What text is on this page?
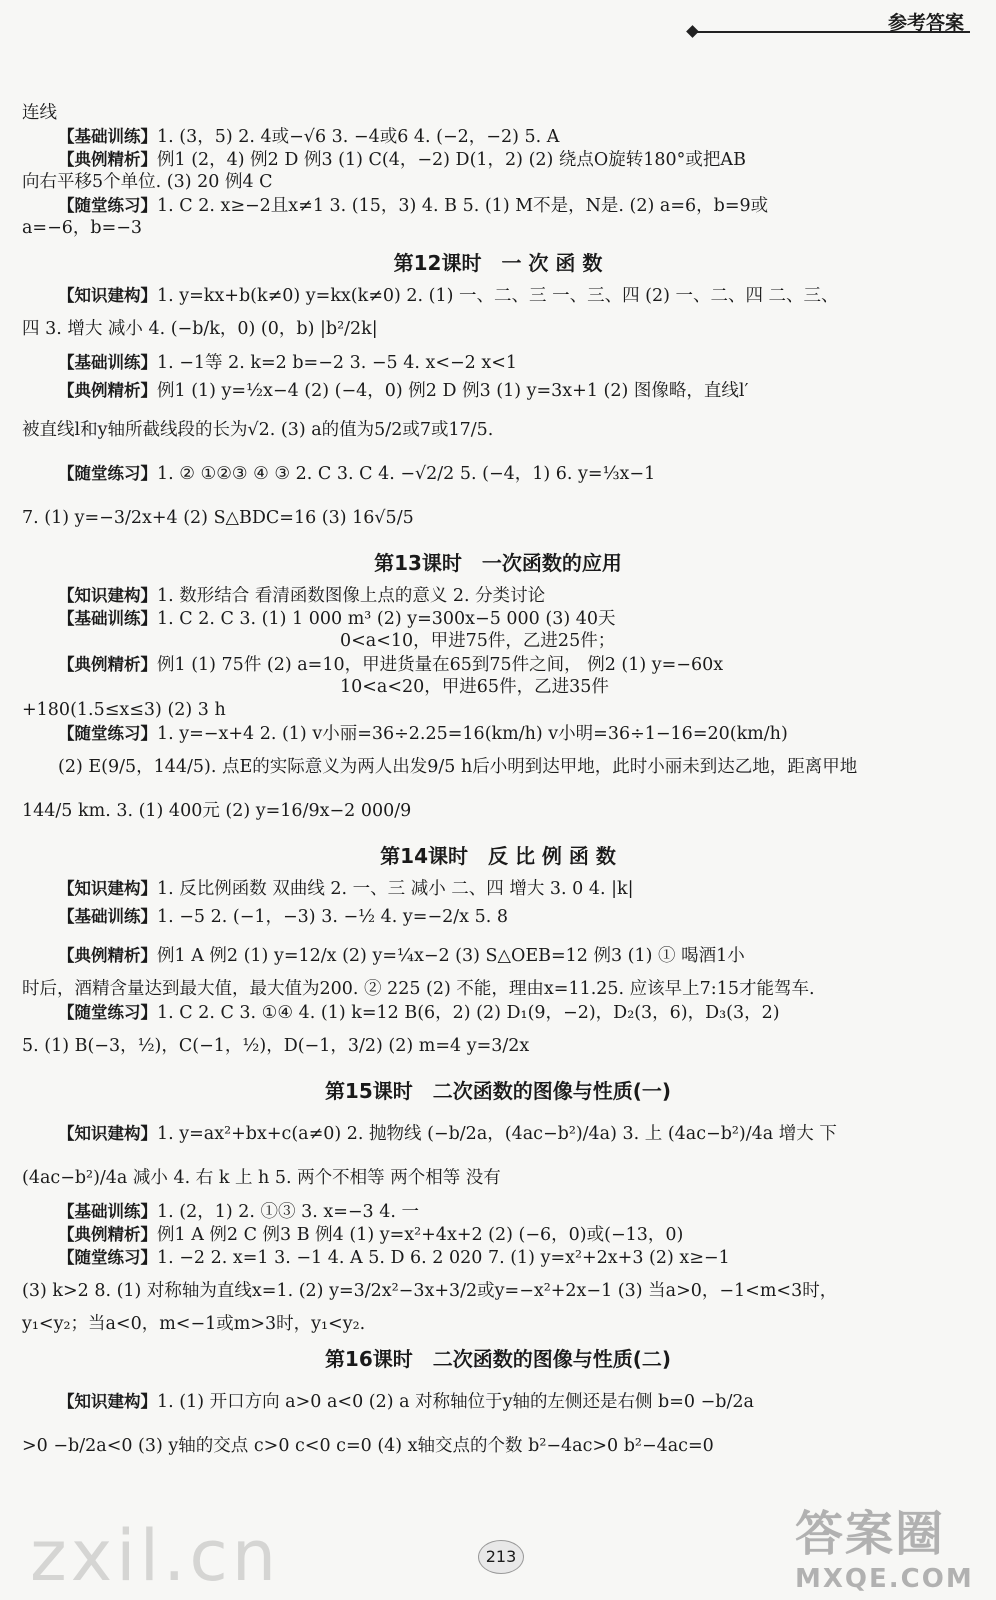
参考答案
连线
【基础训练】1. (3，5) 2. 4或−√6 3. −4或6 4. (−2，−2) 5. A
【典例精析】例1 (2，4) 例2 D 例3 (1) C(4，−2) D(1，2) (2) 绕点O旋转180°或把AB
向右平移5个单位. (3) 20 例4 C
【随堂练习】1. C 2. x≥−2且x≠1 3. (15，3) 4. B 5. (1) M不是，N是. (2) a=6，b=9或
a=−6，b=−3
第12课时　一 次 函 数
【知识建构】1. y=kx+b(k≠0) y=kx(k≠0) 2. (1) 一、二、三 一、三、四 (2) 一、二、四 二、三、
四 3. 增大 减小 4. (−b/k，0) (0，b) |b²/2k|
【基础训练】1. −1等 2. k=2 b=−2 3. −5 4. x<−2 x<1
【典例精析】例1 (1) y=½x−4 (2) (−4，0) 例2 D 例3 (1) y=3x+1 (2) 图像略，直线l′
被直线l和y轴所截线段的长为√2. (3) a的值为5/2或7或17/5.
【随堂练习】1. ② ①②③ ④ ③ 2. C 3. C 4. −√2/2 5. (−4，1) 6. y=⅓x−1
7. (1) y=−3/2x+4 (2) S△BDC=16 (3) 16√5/5
第13课时　一次函数的应用
【知识建构】1. 数形结合 看清函数图像上点的意义 2. 分类讨论
【基础训练】1. C 2. C 3. (1) 1 000 m³ (2) y=300x−5 000 (3) 40天
0<a<10，甲进75件，乙进25件；
【典例精析】例1 (1) 75件 (2) a=10，甲进货量在65到75件之间， 例2 (1) y=−60x
10<a<20，甲进65件，乙进35件
+180(1.5≤x≤3) (2) 3 h
【随堂练习】1. y=−x+4 2. (1) v小丽=36÷2.25=16(km/h) v小明=36÷1−16=20(km/h)
(2) E(9/5，144/5). 点E的实际意义为两人出发9/5 h后小明到达甲地，此时小丽未到达乙地，距离甲地
144/5 km. 3. (1) 400元 (2) y=16/9x−2 000/9
第14课时　反 比 例 函 数
【知识建构】1. 反比例函数 双曲线 2. 一、三 减小 二、四 增大 3. 0 4. |k|
【基础训练】1. −5 2. (−1，−3) 3. −½ 4. y=−2/x 5. 8
【典例精析】例1 A 例2 (1) y=12/x (2) y=¼x−2 (3) S△OEB=12 例3 (1) ① 喝酒1小
时后，酒精含量达到最大值，最大值为200. ② 225 (2) 不能，理由x=11.25. 应该早上7:15才能驾车.
【随堂练习】1. C 2. C 3. ①④ 4. (1) k=12 B(6，2) (2) D₁(9，−2)，D₂(3，6)，D₃(3，2)
5. (1) B(−3，½)，C(−1，½)，D(−1，3/2) (2) m=4 y=3/2x
第15课时　二次函数的图像与性质(一)
【知识建构】1. y=ax²+bx+c(a≠0) 2. 抛物线 (−b/2a，(4ac−b²)/4a) 3. 上 (4ac−b²)/4a 增大 下
(4ac−b²)/4a 减小 4. 右 k 上 h 5. 两个不相等 两个相等 没有
【基础训练】1. (2，1) 2. ①③ 3. x=−3 4. 一
【典例精析】例1 A 例2 C 例3 B 例4 (1) y=x²+4x+2 (2) (−6，0)或(−13，0)
【随堂练习】1. −2 2. x=1 3. −1 4. A 5. D 6. 2 020 7. (1) y=x²+2x+3 (2) x≥−1
(3) k>2 8. (1) 对称轴为直线x=1. (2) y=3/2x²−3x+3/2或y=−x²+2x−1 (3) 当a>0，−1<m<3时，
y₁<y₂；当a<0，m<−1或m>3时，y₁<y₂.
第16课时　二次函数的图像与性质(二)
【知识建构】1. (1) 开口方向 a>0 a<0 (2) a 对称轴位于y轴的左侧还是右侧 b=0 −b/2a
>0 −b/2a<0 (3) y轴的交点 c>0 c<0 c=0 (4) x轴交点的个数 b²−4ac>0 b²−4ac=0
zxil.cn	答案圈
MXQE.COM
213
